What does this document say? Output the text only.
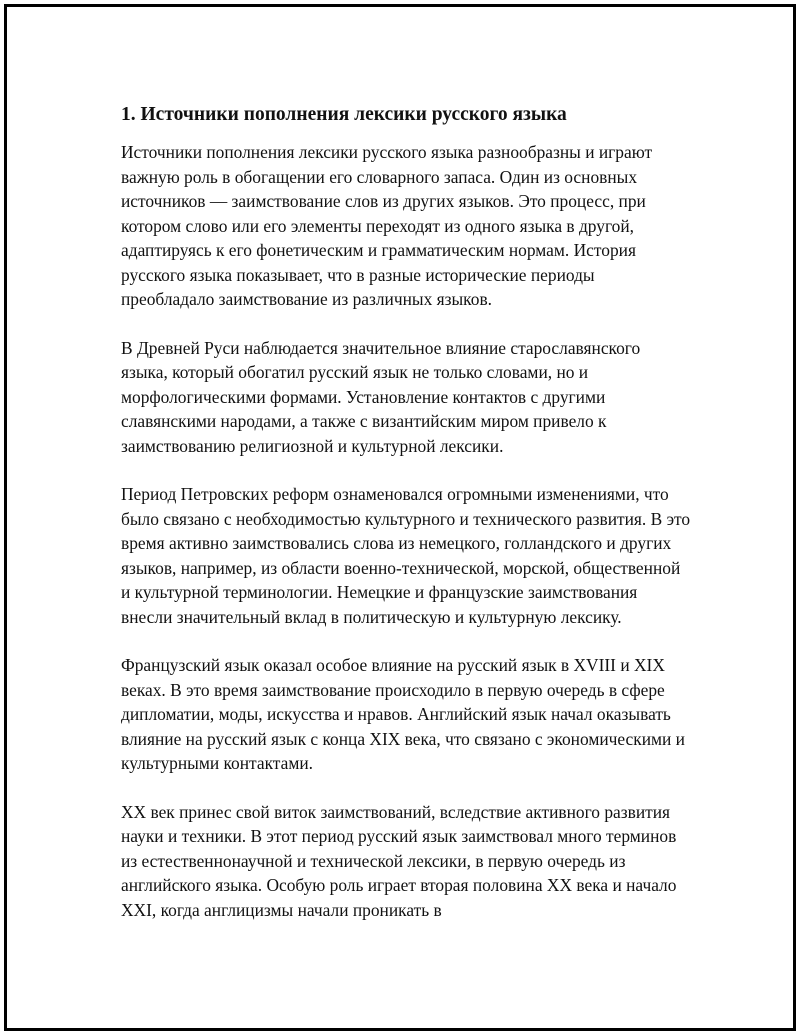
1. Источники пополнения лексики русского языка

Источники пополнения лексики русского языка разнообразны и играют важную роль в обогащении его словарного запаса. Один из основных источников — заимствование слов из других языков. Это процесс, при котором слово или его элементы переходят из одного языка в другой, адаптируясь к его фонетическим и грамматическим нормам. История русского языка показывает, что в разные исторические периоды преобладало заимствование из различных языков.

В Древней Руси наблюдается значительное влияние старославянского языка, который обогатил русский язык не только словами, но и морфологическими формами. Установление контактов с другими славянскими народами, а также с византийским миром привело к заимствованию религиозной и культурной лексики.

Период Петровских реформ ознаменовался огромными изменениями, что было связано с необходимостью культурного и технического развития. В это время активно заимствовались слова из немецкого, голландского и других языков, например, из области военно-технической, морской, общественной и культурной терминологии. Немецкие и французские заимствования внесли значительный вклад в политическую и культурную лексику.

Французский язык оказал особое влияние на русский язык в XVIII и XIX веках. В это время заимствование происходило в первую очередь в сфере дипломатии, моды, искусства и нравов. Английский язык начал оказывать влияние на русский язык с конца XIX века, что связано с экономическими и культурными контактами.

XX век принес свой виток заимствований, вследствие активного развития науки и техники. В этот период русский язык заимствовал много терминов из естественнонаучной и технической лексики, в первую очередь из английского языка. Особую роль играет вторая половина XX века и начало XXI, когда англицизмы начали проникать в
